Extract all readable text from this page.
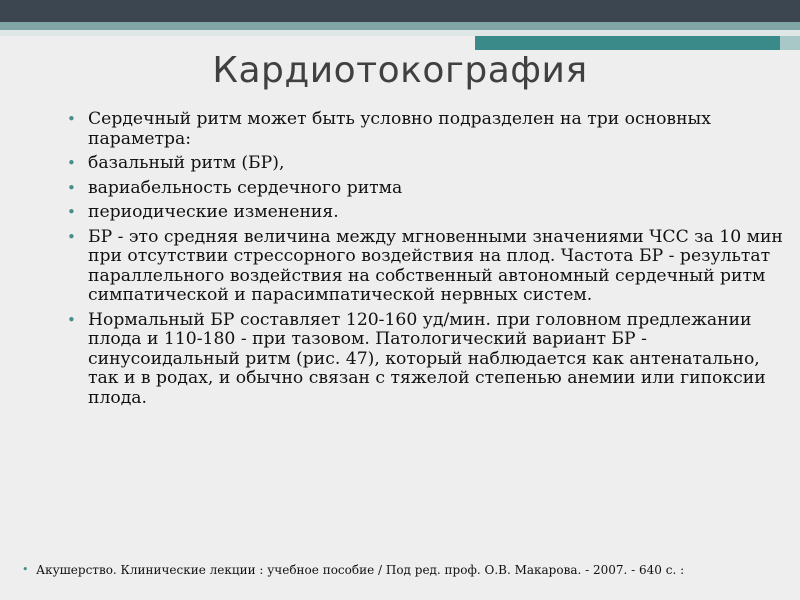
Кардиотокография
• Сердечный ритм может быть условно подразделен на три основных параметра:
• базальный ритм (БР),
• вариабельность сердечного ритма
• периодические изменения.
• БР - это средняя величина между мгновенными значениями ЧСС за 10 мин при отсутствии стрессорного воздействия на плод. Частота БР - результат параллельного воздействия на собственный автономный сердечный ритм симпатической и парасимпатической нервных систем.
• Нормальный БР составляет 120-160 уд/мин. при головном предлежании плода и 110-180 - при тазовом. Патологический вариант БР - синусоидальный ритм (рис. 47), который наблюдается как антенатально, так и в родах, и обычно связан с тяжелой степенью анемии или гипоксии плода.
• Акушерство. Клинические лекции : учебное пособие / Под ред. проф. О.В. Макарова. - 2007. - 640 с. :
